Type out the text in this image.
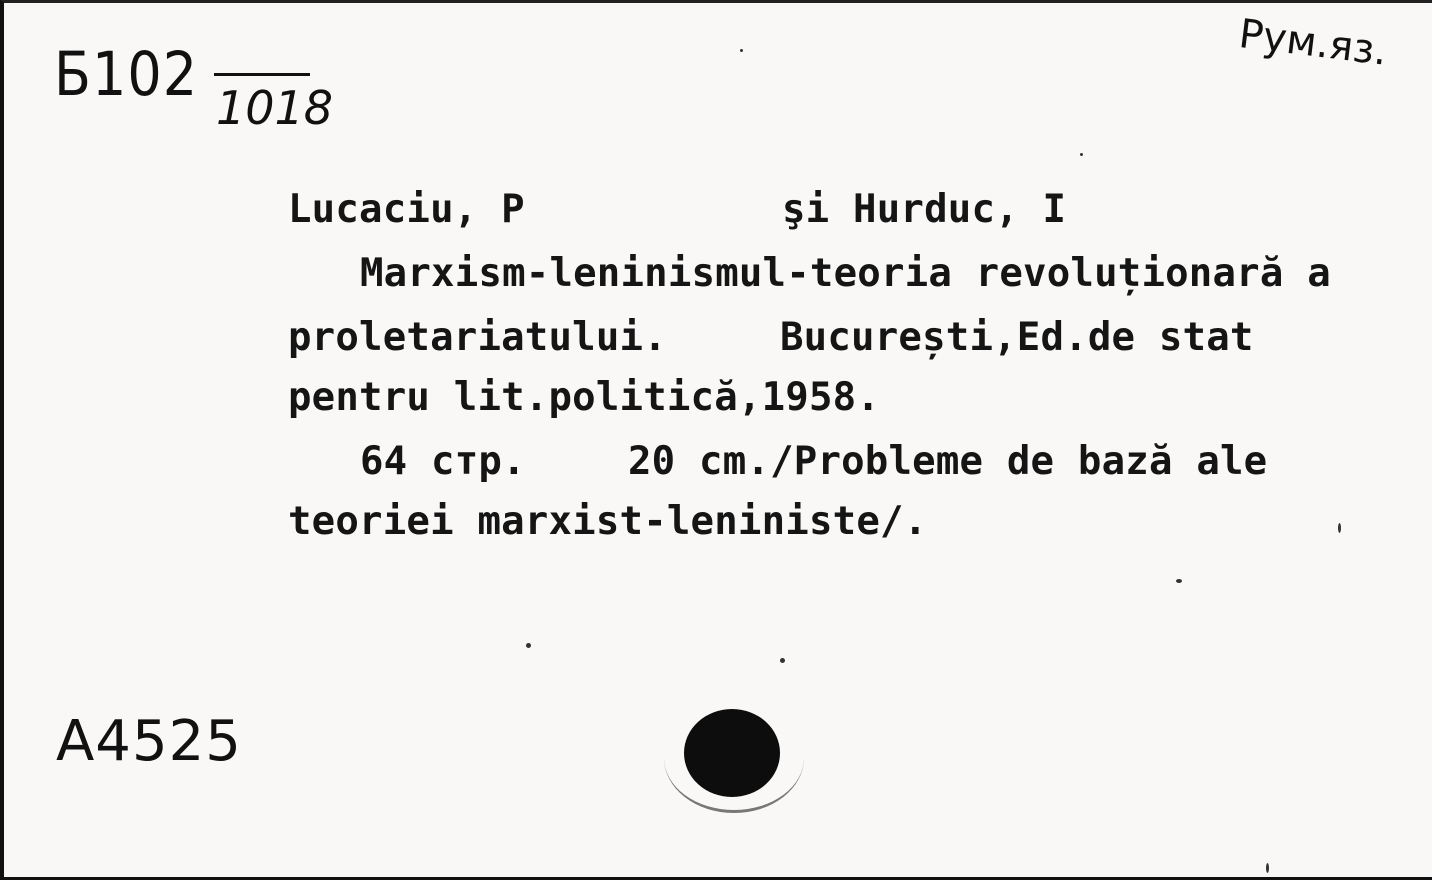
Б102 1018
Рум.яз.
Lucaciu, P	şi Hurduc, I
Marxism-leninismul-teoria revoluționară a
proletariatului.	București,Ed.de stat
pentru lit.politică,1958.
64 стр.	20 cm./Probleme de bază ale
teoriei marxist-leniniste/.
А4525
